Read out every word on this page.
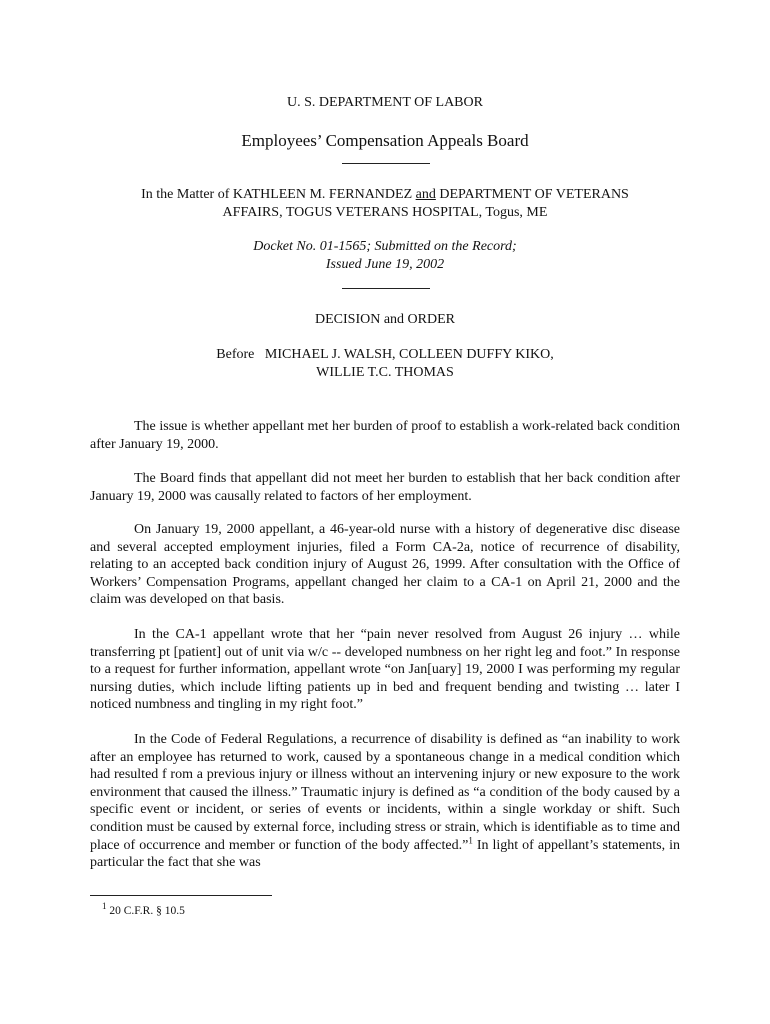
U. S. DEPARTMENT OF LABOR
Employees’ Compensation Appeals Board
In the Matter of KATHLEEN M. FERNANDEZ and DEPARTMENT OF VETERANS
AFFAIRS, TOGUS VETERANS HOSPITAL, Togus, ME
Docket No. 01-1565; Submitted on the Record;
Issued June 19, 2002
DECISION and ORDER
Before   MICHAEL J. WALSH, COLLEEN DUFFY KIKO,
WILLIE T.C. THOMAS
The issue is whether appellant met her burden of proof to establish a work-related back condition after January 19, 2000.
The Board finds that appellant did not meet her burden to establish that her back condition after January 19, 2000 was causally related to factors of her employment.
On January 19, 2000 appellant, a 46-year-old nurse with a history of degenerative disc disease and several accepted employment injuries, filed a Form CA-2a, notice of recurrence of disability, relating to an accepted back condition injury of August 26, 1999. After consultation with the Office of Workers’ Compensation Programs, appellant changed her claim to a CA-1 on April 21, 2000 and the claim was developed on that basis.
In the CA-1 appellant wrote that her “pain never resolved from August 26 injury … while transferring pt [patient] out of unit via w/c -- developed numbness on her right leg and foot.” In response to a request for further information, appellant wrote “on Jan[uary] 19, 2000 I was performing my regular nursing duties, which include lifting patients up in bed and frequent bending and twisting … later I noticed numbness and tingling in my right foot.”
In the Code of Federal Regulations, a recurrence of disability is defined as “an inability to work after an employee has returned to work, caused by a spontaneous change in a medical condition which had resulted f rom a previous injury or illness without an intervening injury or new exposure to the work environment that caused the illness.” Traumatic injury is defined as “a condition of the body caused by a specific event or incident, or series of events or incidents, within a single workday or shift. Such condition must be caused by external force, including stress or strain, which is identifiable as to time and place of occurrence and member or function of the body affected.”$^1$ In light of appellant’s statements, in particular the fact that she was
$^1$ 20 C.F.R. § 10.5
